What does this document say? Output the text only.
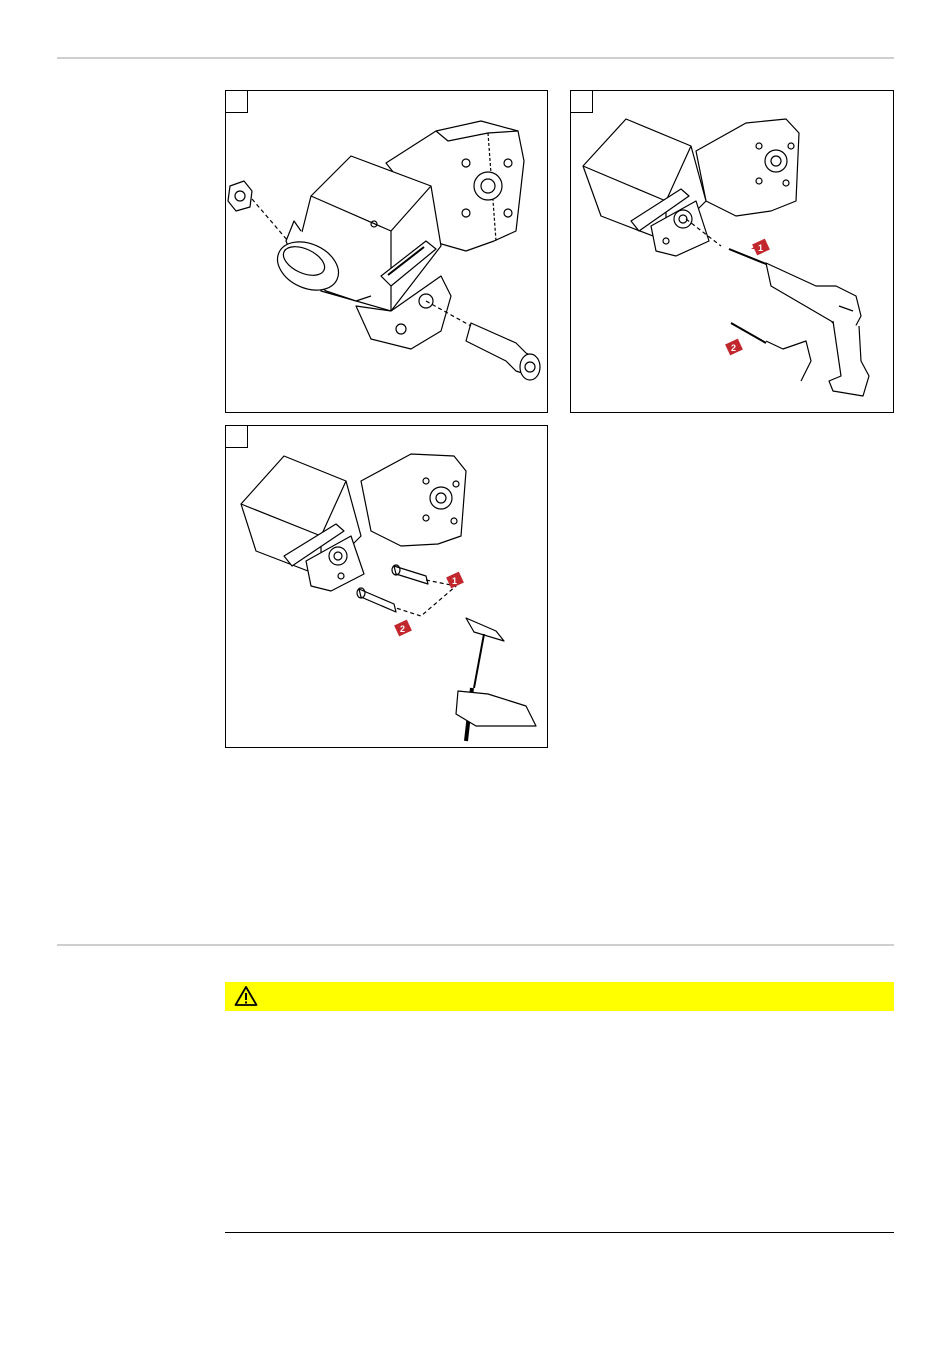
1
2
1
2
